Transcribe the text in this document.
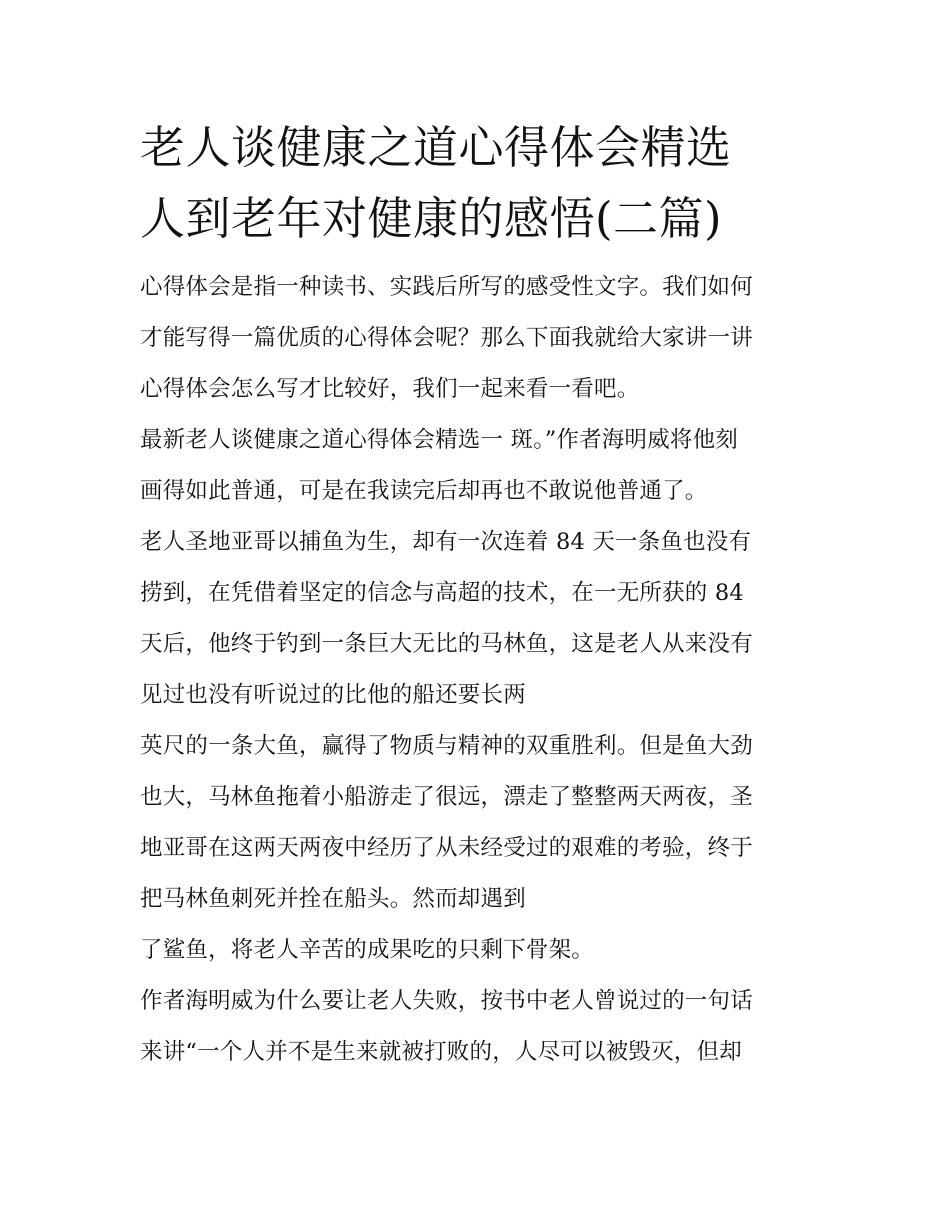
老人谈健康之道心得体会精选
人到老年对健康的感悟(二篇)

心得体会是指一种读书、实践后所写的感受性文字。我们如何
才能写得一篇优质的心得体会呢？那么下面我就给大家讲一讲
心得体会怎么写才比较好，我们一起来看一看吧。

最新老人谈健康之道心得体会精选一 斑。”作者海明威将他刻
画得如此普通，可是在我读完后却再也不敢说他普通了。

老人圣地亚哥以捕鱼为生，却有一次连着 84 天一条鱼也没有
捞到，在凭借着坚定的信念与高超的技术，在一无所获的 84
天后，他终于钓到一条巨大无比的马林鱼，这是老人从来没有
见过也没有听说过的比他的船还要长两

英尺的一条大鱼，赢得了物质与精神的双重胜利。但是鱼大劲
也大，马林鱼拖着小船游走了很远，漂走了整整两天两夜，圣
地亚哥在这两天两夜中经历了从未经受过的艰难的考验，终于
把马林鱼刺死并拴在船头。然而却遇到

了鲨鱼，将老人辛苦的成果吃的只剩下骨架。

作者海明威为什么要让老人失败，按书中老人曾说过的一句话
来讲“一个人并不是生来就被打败的，人尽可以被毁灭，但却
